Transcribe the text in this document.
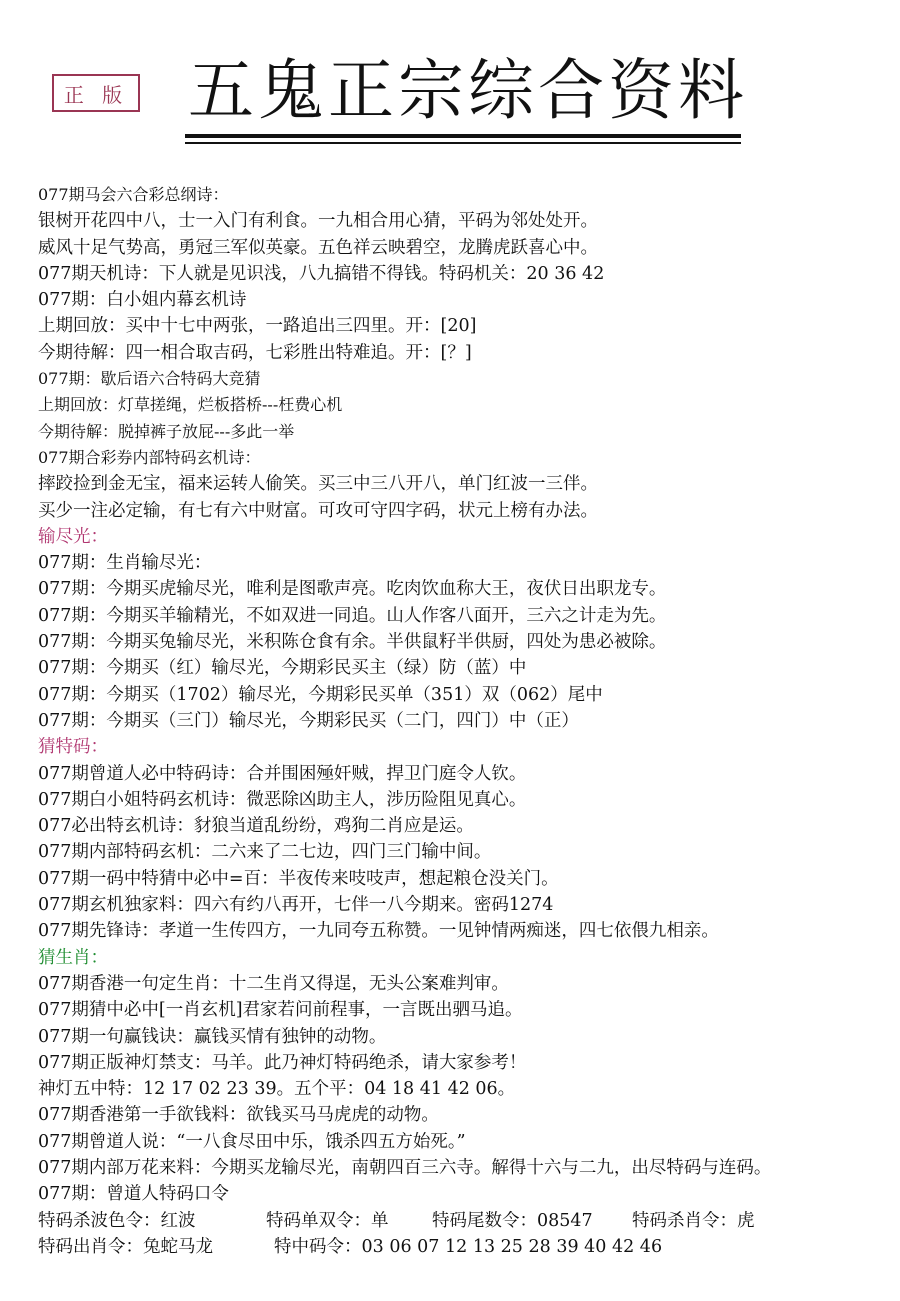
正 版 五鬼正宗综合资料
077期马会六合彩总纲诗：
银树开花四中八，士一入门有利食。一九相合用心猜，平码为邻处处开。
威风十足气势高，勇冠三军似英豪。五色祥云映碧空，龙腾虎跃喜心中。
077期天机诗：下人就是见识浅，八九搞错不得钱。特码机关：20 36 42
077期：白小姐内幕玄机诗
上期回放：买中十七中两张，一路追出三四里。开：[20]
今期待解：四一相合取吉码，七彩胜出特难追。开：[？]
077期：歇后语六合特码大竞猜
上期回放：灯草搓绳，烂板搭桥---枉费心机
今期待解：脱掉裤子放屁---多此一举
077期合彩券内部特码玄机诗：
摔跤捡到金无宝，福来运转人偷笑。买三中三八开八，单门红波一三伴。
买少一注必定输，有七有六中财富。可攻可守四字码，状元上榜有办法。
输尽光：
077期：生肖输尽光：
077期：今期买虎输尽光，唯利是图歌声亮。吃肉饮血称大王，夜伏日出职龙专。
077期：今期买羊输精光，不如双进一同追。山人作客八面开，三六之计走为先。
077期：今期买兔输尽光，米积陈仓食有余。半供鼠籽半供厨，四处为患必被除。
077期：今期买（红）输尽光，今期彩民买主（绿）防（蓝）中
077期：今期买（1702）输尽光，今期彩民买单（351）双（062）尾中
077期：今期买（三门）输尽光，今期彩民买（二门，四门）中（正）
猜特码：
077期曾道人必中特码诗：合并围困殛奸贼，捍卫门庭令人钦。
077期白小姐特码玄机诗：微恶除凶助主人，涉历险阻见真心。
077必出特玄机诗：豺狼当道乱纷纷，鸡狗二肖应是运。
077期内部特码玄机：二六来了二七边，四门三门输中间。
077期一码中特猜中必中=百：半夜传来吱吱声，想起粮仓没关门。
077期玄机独家料：四六有约八再开，七伴一八今期来。密码1274
077期先锋诗：孝道一生传四方，一九同夸五称赞。一见钟情两痴迷，四七依偎九相亲。
猜生肖：
077期香港一句定生肖：十二生肖又得逞，无头公案难判审。
077期猜中必中[一肖玄机]君家若问前程事，一言既出驷马追。
077期一句赢钱诀：赢钱买情有独钟的动物。
077期正版神灯禁支：马羊。此乃神灯特码绝杀，请大家参考！
神灯五中特：12 17 02 23 39。五个平：04 18 41 42 06。
077期香港第一手欲钱料：欲钱买马马虎虎的动物。
077期曾道人说：“一八食尽田中乐，饿杀四五方始死。”
077期内部万花来料：今期买龙输尽光，南朝四百三六寺。解得十六与二九，出尽特码与连码。
077期：曾道人特码口令
特码杀波色令：红波	特码单双令：单 特码尾数令：08547 特码杀肖令：虎
特码出肖令：兔蛇马龙	特中码令：03 06 07 12 13 25 28 39 40 42 46
